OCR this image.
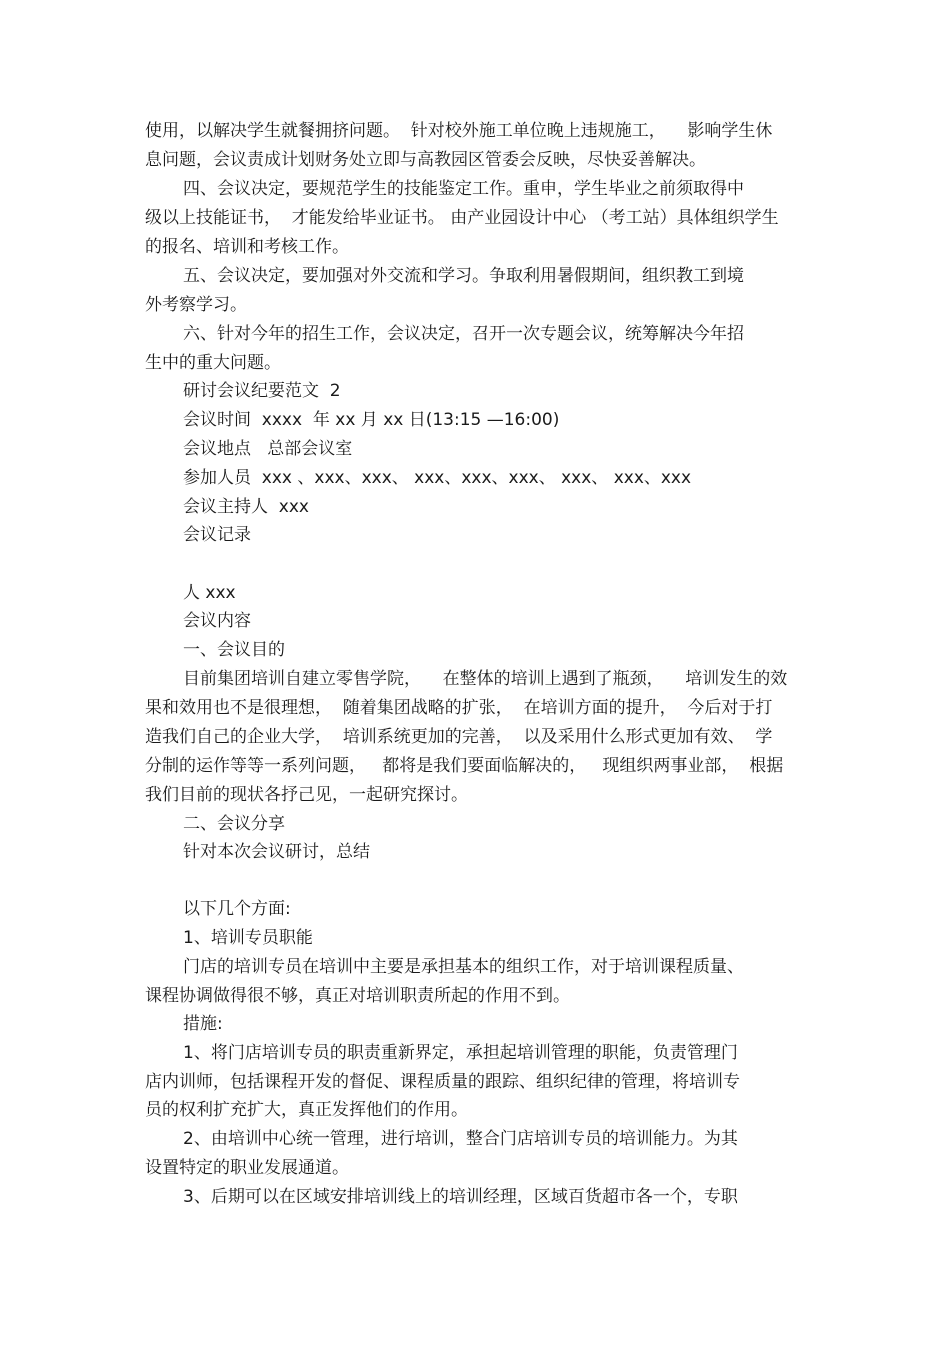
使用，以解决学生就餐拥挤问题。  针对校外施工单位晚上违规施工，    影响学生休
息问题，会议责成计划财务处立即与高教园区管委会反映，尽快妥善解决。
四、会议决定，要规范学生的技能鉴定工作。重申，学生毕业之前须取得中
级以上技能证书，  才能发给毕业证书。 由产业园设计中心 （考工站）具体组织学生
的报名、培训和考核工作。
五、会议决定，要加强对外交流和学习。争取利用暑假期间，组织教工到境
外考察学习。
六、针对今年的招生工作，会议决定，召开一次专题会议，统筹解决今年招
生中的重大问题。
研讨会议纪要范文  2
会议时间  xxxx  年 xx 月 xx 日(13:15 —16:00)
会议地点   总部会议室
参加人员  xxx 、xxx、xxx、 xxx、xxx、xxx、 xxx、 xxx、xxx
会议主持人  xxx
会议记录
人 xxx
会议内容
一、会议目的
目前集团培训自建立零售学院，    在整体的培训上遇到了瓶颈，    培训发生的效
果和效用也不是很理想，  随着集团战略的扩张，  在培训方面的提升，  今后对于打
造我们自己的企业大学，  培训系统更加的完善，  以及采用什么形式更加有效、  学
分制的运作等等一系列问题，   都将是我们要面临解决的，   现组织两事业部，  根据
我们目前的现状各抒己见，一起研究探讨。
二、会议分享
针对本次会议研讨，总结
以下几个方面:
1、培训专员职能
门店的培训专员在培训中主要是承担基本的组织工作，对于培训课程质量、
课程协调做得很不够，真正对培训职责所起的作用不到。
措施:
1、将门店培训专员的职责重新界定，承担起培训管理的职能，负责管理门
店内训师，包括课程开发的督促、课程质量的跟踪、组织纪律的管理，将培训专
员的权利扩充扩大，真正发挥他们的作用。
2、由培训中心统一管理，进行培训，整合门店培训专员的培训能力。为其
设置特定的职业发展通道。
3、后期可以在区域安排培训线上的培训经理，区域百货超市各一个，专职
